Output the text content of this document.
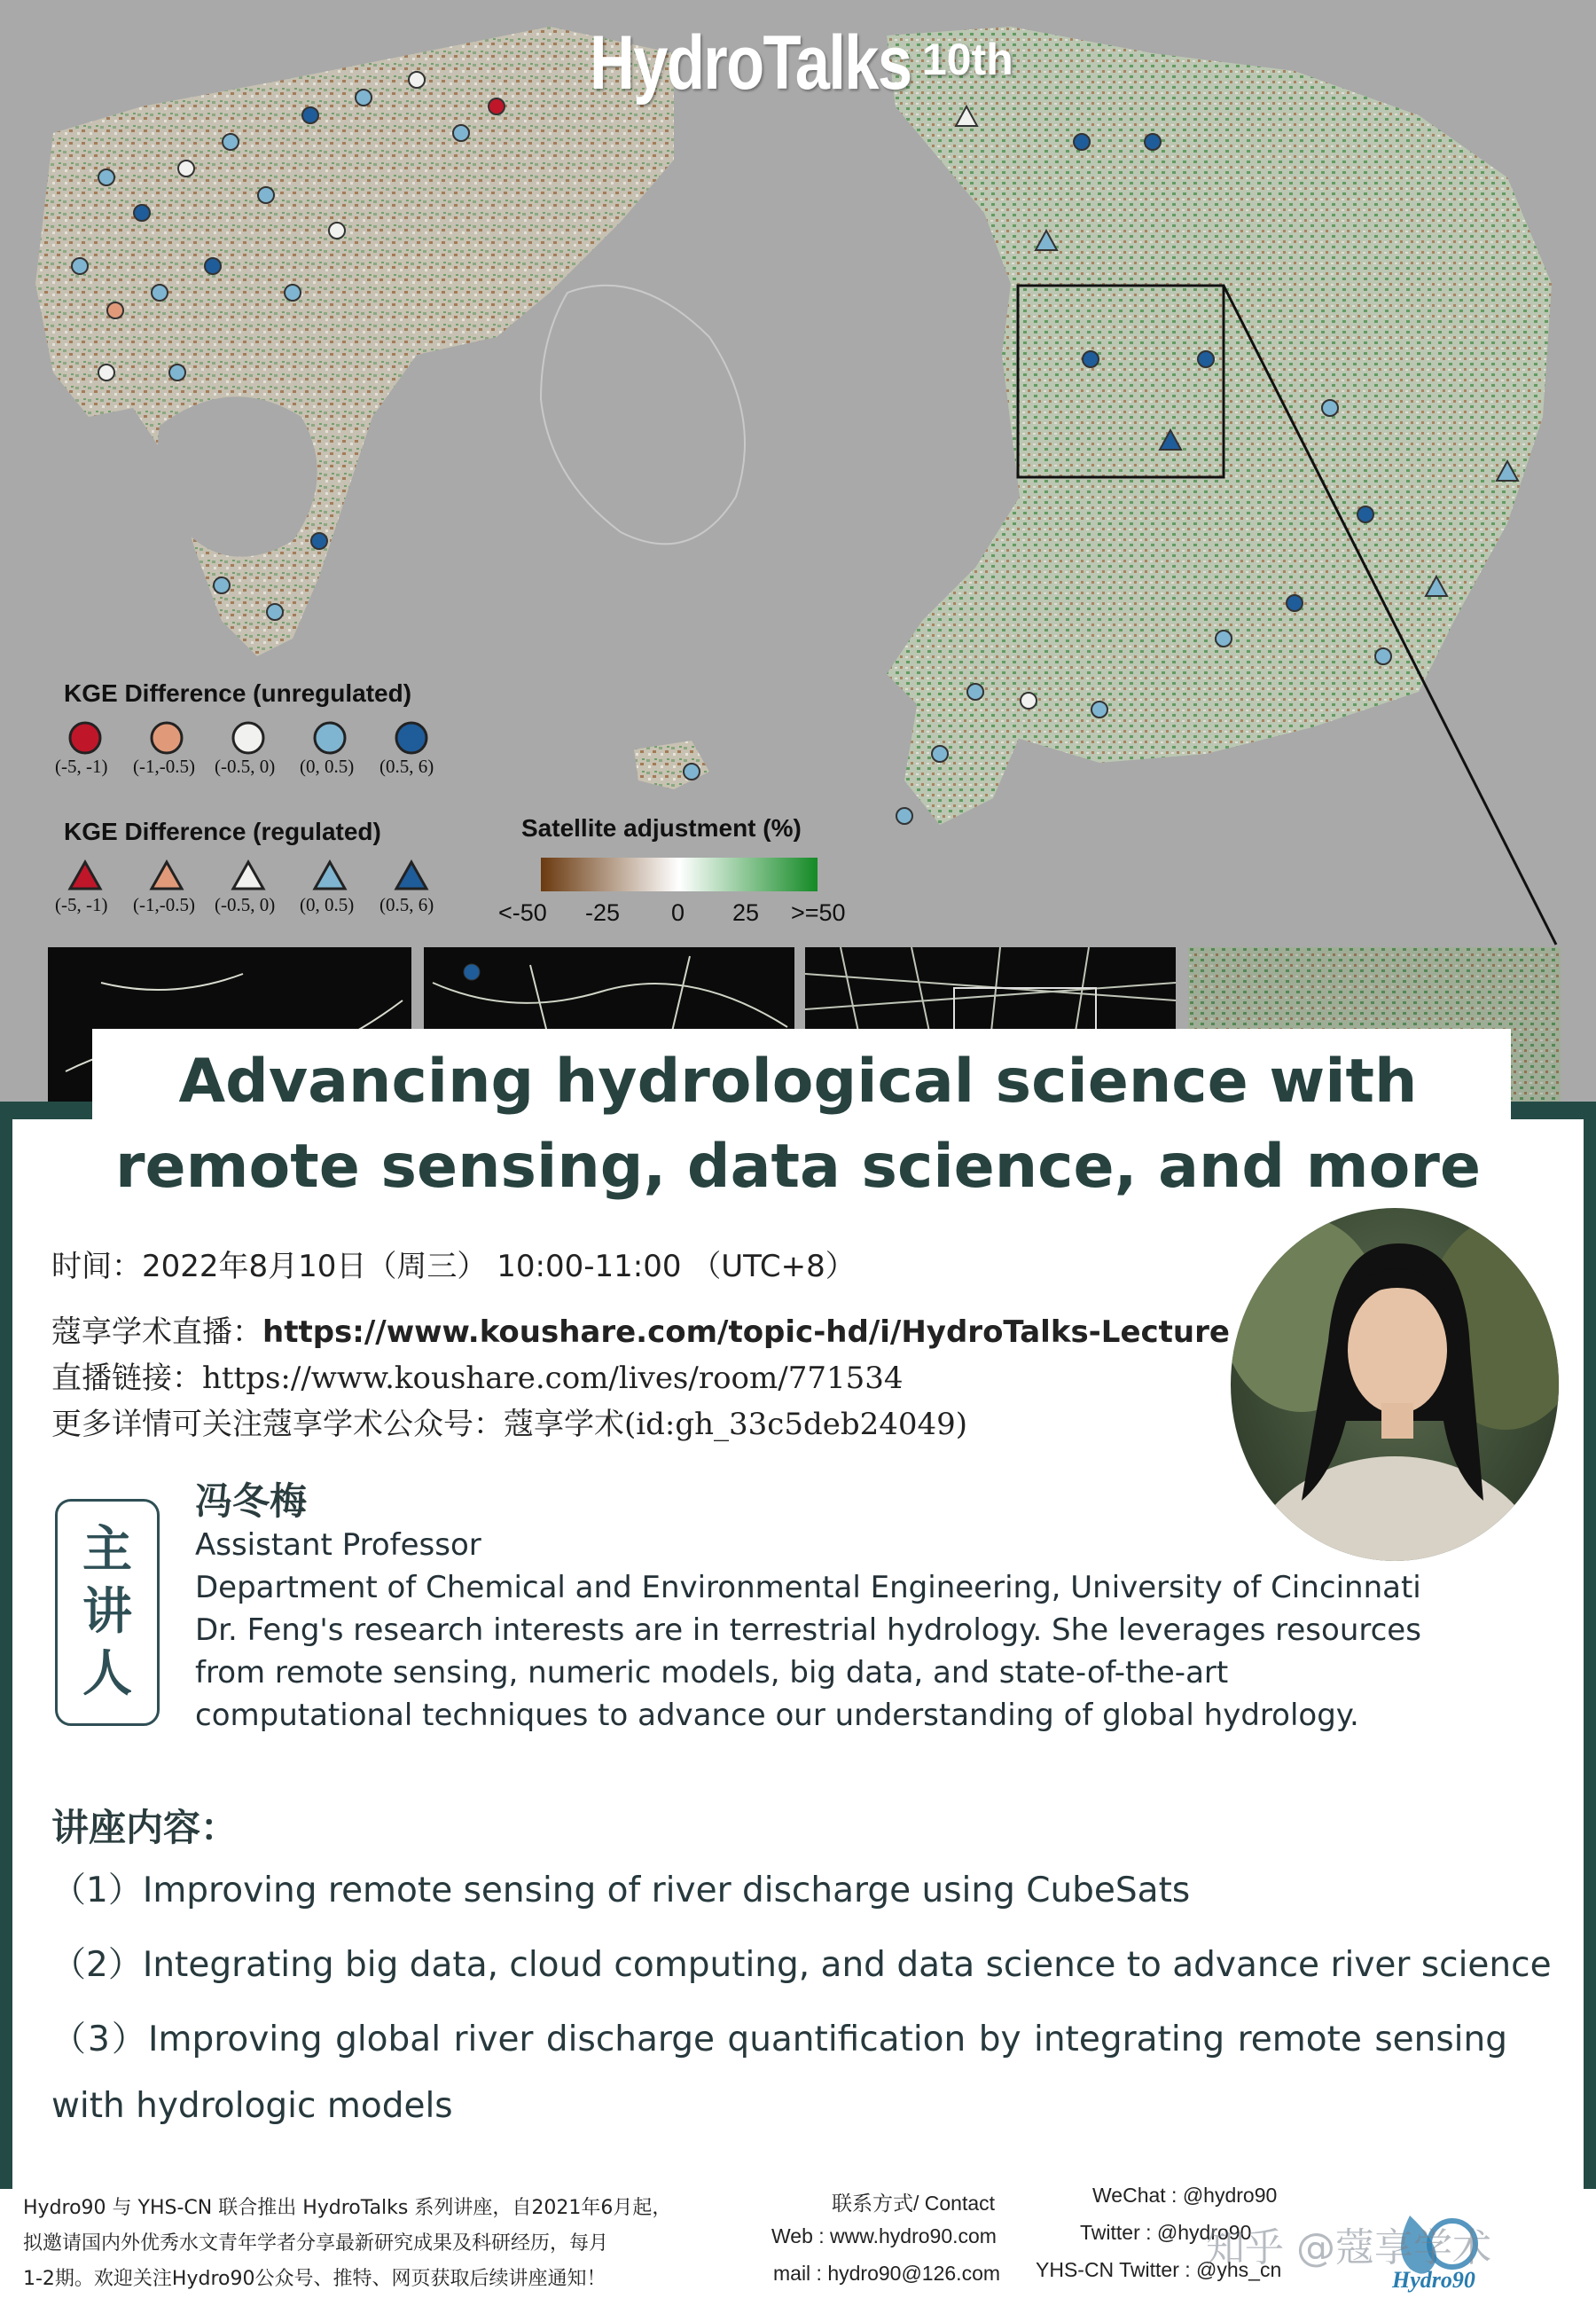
HydroTalks 10th
KGE Difference (unregulated)
(-5, -1) (-1,-0.5) (-0.5, 0) (0, 0.5) (0.5, 6)
KGE Difference (regulated)
(-5, -1) (-1,-0.5) (-0.5, 0) (0, 0.5) (0.5, 6)
Satellite adjustment (%)
<-50 -25 0 25 >=50
Advancing hydrological science with
remote sensing, data science, and more
时间：2022年8月10日（周三） 10:00-11:00 （UTC+8）
蔻享学术直播：https://www.koushare.com/topic-hd/i/HydroTalks-Lecture
直播链接：https://www.koushare.com/lives/room/771534
更多详情可关注蔻享学术公众号：蔻享学术(id:gh_33c5deb24049)
主
讲
人
冯冬梅
Assistant Professor
Department of Chemical and Environmental Engineering, University of Cincinnati
Dr. Feng's research interests are in terrestrial hydrology. She leverages resources
from remote sensing, numeric models, big data, and state-of-the-art
computational techniques to advance our understanding of global hydrology.
讲座内容：
（1）Improving remote sensing of river discharge using CubeSats
（2）Integrating big data, cloud computing, and data science to advance river science
（3）Improving global river discharge quantification by integrating remote sensing
with hydrologic models
Hydro90 与 YHS-CN 联合推出 HydroTalks 系列讲座，自2021年6月起，
拟邀请国内外优秀水文青年学者分享最新研究成果及科研经历，每月
1-2期。欢迎关注Hydro90公众号、推特、网页获取后续讲座通知！
联系方式/ Contact
Web : www.hydro90.com
mail : hydro90@126.com
WeChat : @hydro90
Twitter : @hydro90
YHS-CN Twitter : @yhs_cn	Hydro90
知乎 @蔻享学术
